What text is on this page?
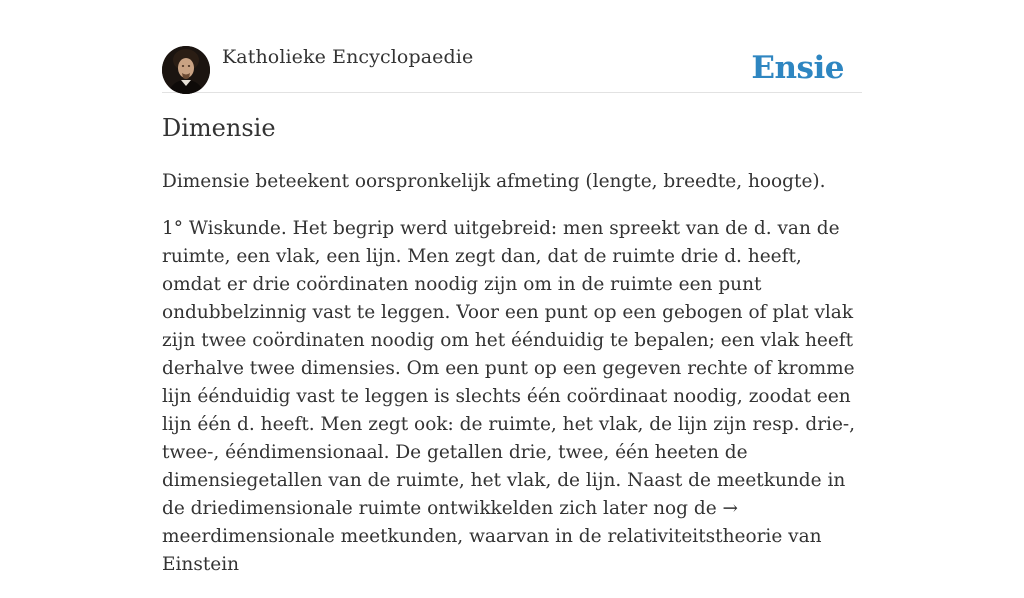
Katholieke Encyclopaedie	Ensie
Dimensie

Dimensie beteekent oorspronkelijk afmeting (lengte, breedte, hoogte).

1° Wiskunde. Het begrip werd uitgebreid: men spreekt van de d. van de ruimte, een vlak, een lijn. Men zegt dan, dat de ruimte drie d. heeft, omdat er drie coördinaten noodig zijn om in de ruimte een punt ondubbelzinnig vast te leggen. Voor een punt op een gebogen of plat vlak zijn twee coördinaten noodig om het éénduidig te bepalen; een vlak heeft derhalve twee dimensies. Om een punt op een gegeven rechte of kromme lijn éénduidig vast te leggen is slechts één coördinaat noodig, zoodat een lijn één d. heeft. Men zegt ook: de ruimte, het vlak, de lijn zijn resp. drie-, twee-, ééndimensionaal. De getallen drie, twee, één heeten de dimensiegetallen van de ruimte, het vlak, de lijn. Naast de meetkunde in de driedimensionale ruimte ontwikkelden zich later nog de → meerdimensionale meetkunden, waarvan in de relativiteitstheorie van Einstein
